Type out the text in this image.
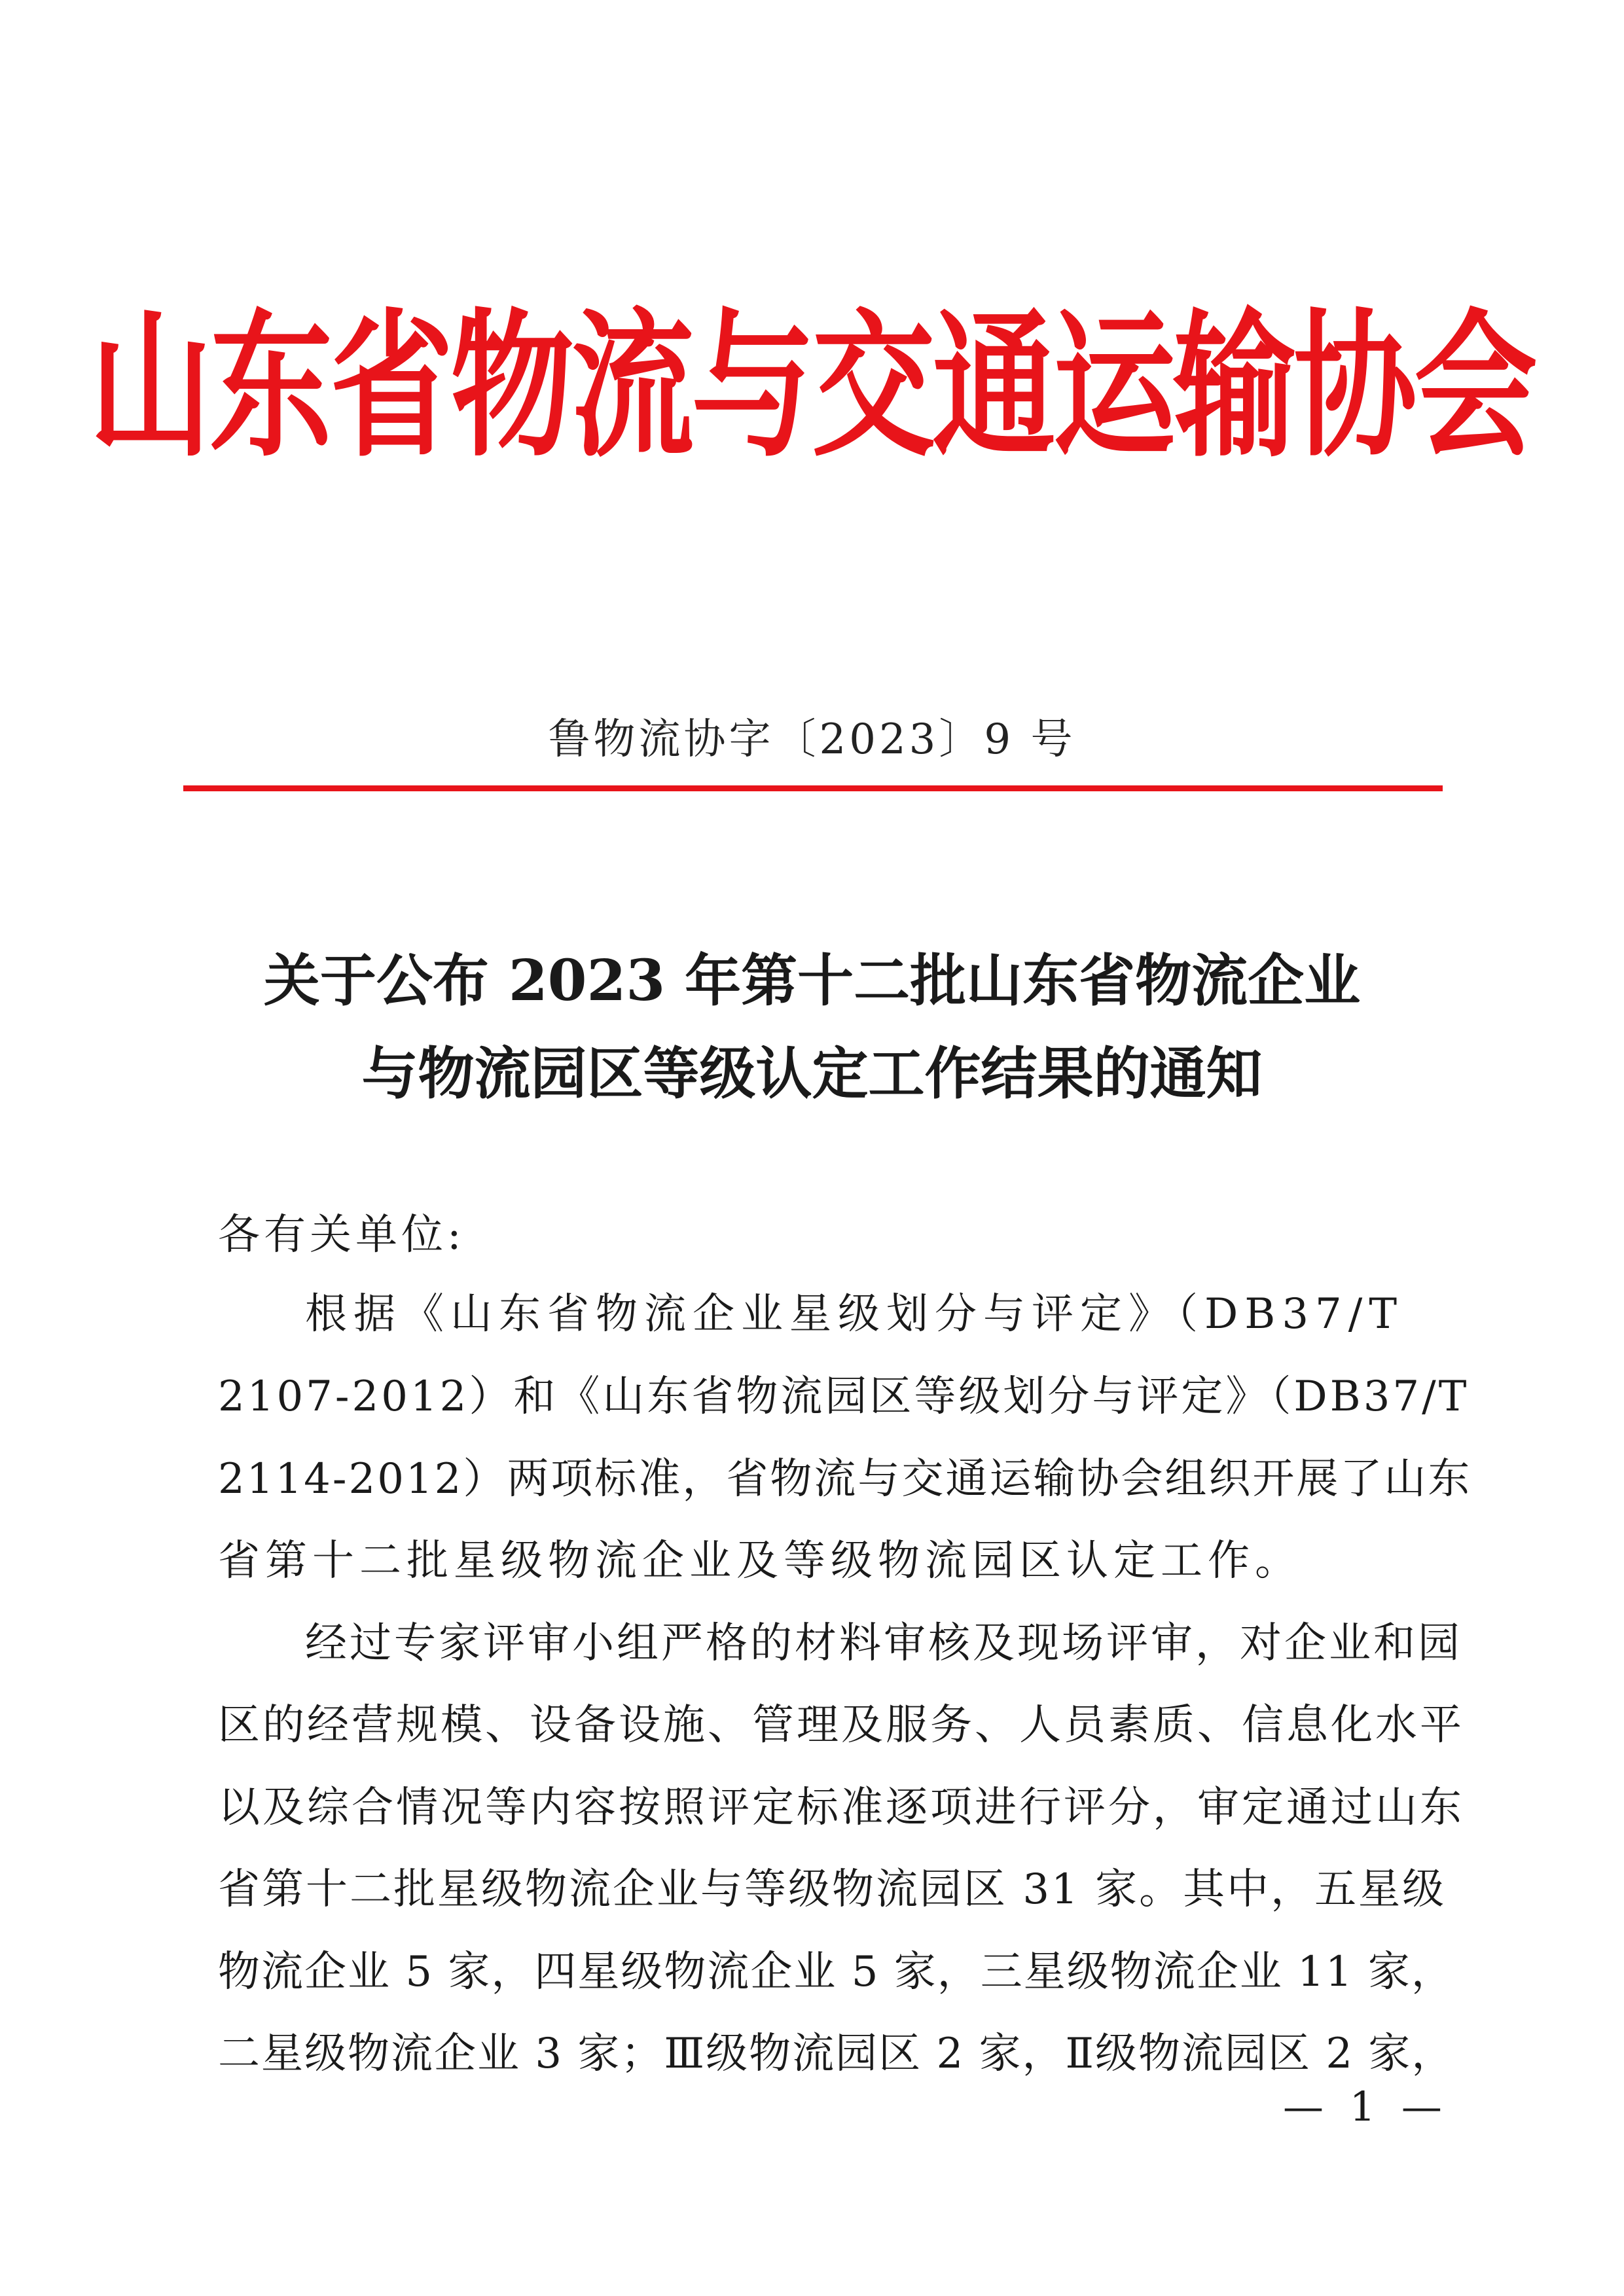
山东省物流与交通运输协会
鲁物流协字〔2023〕9 号
关于公布 2023 年第十二批山东省物流企业
与物流园区等级认定工作结果的通知
各有关单位:
根据《山东省物流企业星级划分与评定》（DB37/T
2107-2012）和《山东省物流园区等级划分与评定》（DB37/T
2114-2012）两项标准，省物流与交通运输协会组织开展了山东
省第十二批星级物流企业及等级物流园区认定工作。
经过专家评审小组严格的材料审核及现场评审，对企业和园
区的经营规模、设备设施、管理及服务、人员素质、信息化水平
以及综合情况等内容按照评定标准逐项进行评分，审定通过山东
省第十二批星级物流企业与等级物流园区 31 家。其中，五星级
物流企业 5 家，四星级物流企业 5 家，三星级物流企业 11 家，
二星级物流企业 3 家；Ⅲ级物流园区 2 家，Ⅱ级物流园区 2 家，
— 1 —
